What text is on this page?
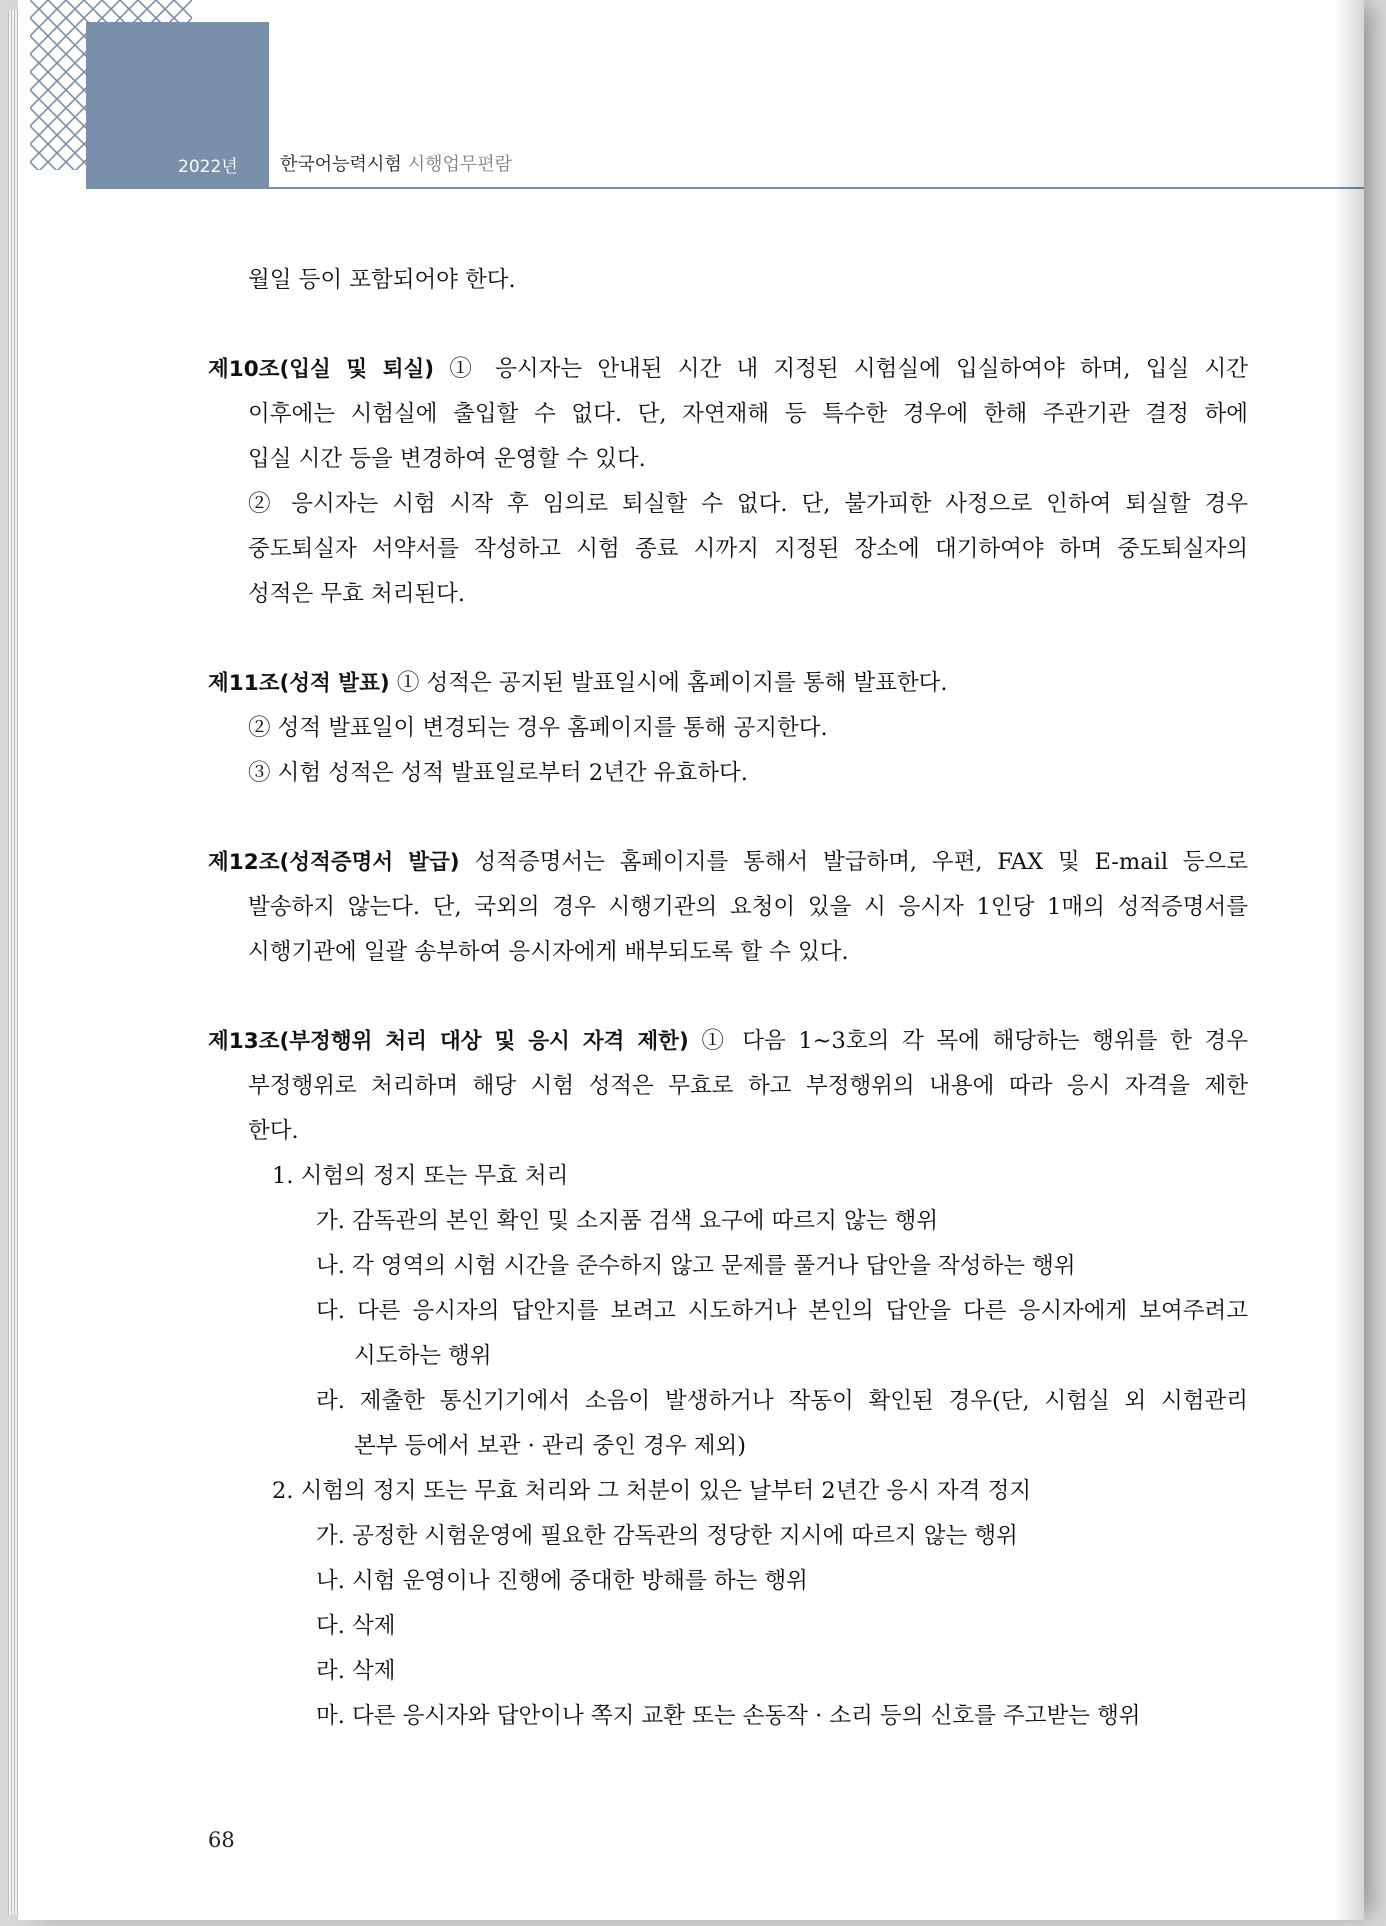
2022년 한국어능력시험 시행업무편람

월일 등이 포함되어야 한다.

제10조(입실 및 퇴실) ① 응시자는 안내된 시간 내 지정된 시험실에 입실하여야 하며, 입실 시간

이후에는 시험실에 출입할 수 없다. 단, 자연재해 등 특수한 경우에 한해 주관기관 결정 하에

입실 시간 등을 변경하여 운영할 수 있다.

② 응시자는 시험 시작 후 임의로 퇴실할 수 없다. 단, 불가피한 사정으로 인하여 퇴실할 경우

중도퇴실자 서약서를 작성하고 시험 종료 시까지 지정된 장소에 대기하여야 하며 중도퇴실자의

성적은 무효 처리된다.

제11조(성적 발표) ① 성적은 공지된 발표일시에 홈페이지를 통해 발표한다.

② 성적 발표일이 변경되는 경우 홈페이지를 통해 공지한다.

③ 시험 성적은 성적 발표일로부터 2년간 유효하다.

제12조(성적증명서 발급) 성적증명서는 홈페이지를 통해서 발급하며, 우편, FAX 및 E-mail 등으로

발송하지 않는다. 단, 국외의 경우 시행기관의 요청이 있을 시 응시자 1인당 1매의 성적증명서를

시행기관에 일괄 송부하여 응시자에게 배부되도록 할 수 있다.

제13조(부정행위 처리 대상 및 응시 자격 제한) ① 다음 1~3호의 각 목에 해당하는 행위를 한 경우

부정행위로 처리하며 해당 시험 성적은 무효로 하고 부정행위의 내용에 따라 응시 자격을 제한

한다.

1. 시험의 정지 또는 무효 처리

가. 감독관의 본인 확인 및 소지품 검색 요구에 따르지 않는 행위

나. 각 영역의 시험 시간을 준수하지 않고 문제를 풀거나 답안을 작성하는 행위

다. 다른 응시자의 답안지를 보려고 시도하거나 본인의 답안을 다른 응시자에게 보여주려고

시도하는 행위

라. 제출한 통신기기에서 소음이 발생하거나 작동이 확인된 경우(단, 시험실 외 시험관리

본부 등에서 보관 · 관리 중인 경우 제외)

2. 시험의 정지 또는 무효 처리와 그 처분이 있은 날부터 2년간 응시 자격 정지

가. 공정한 시험운영에 필요한 감독관의 정당한 지시에 따르지 않는 행위

나. 시험 운영이나 진행에 중대한 방해를 하는 행위

다. 삭제

라. 삭제

마. 다른 응시자와 답안이나 쪽지 교환 또는 손동작 · 소리 등의 신호를 주고받는 행위

68
